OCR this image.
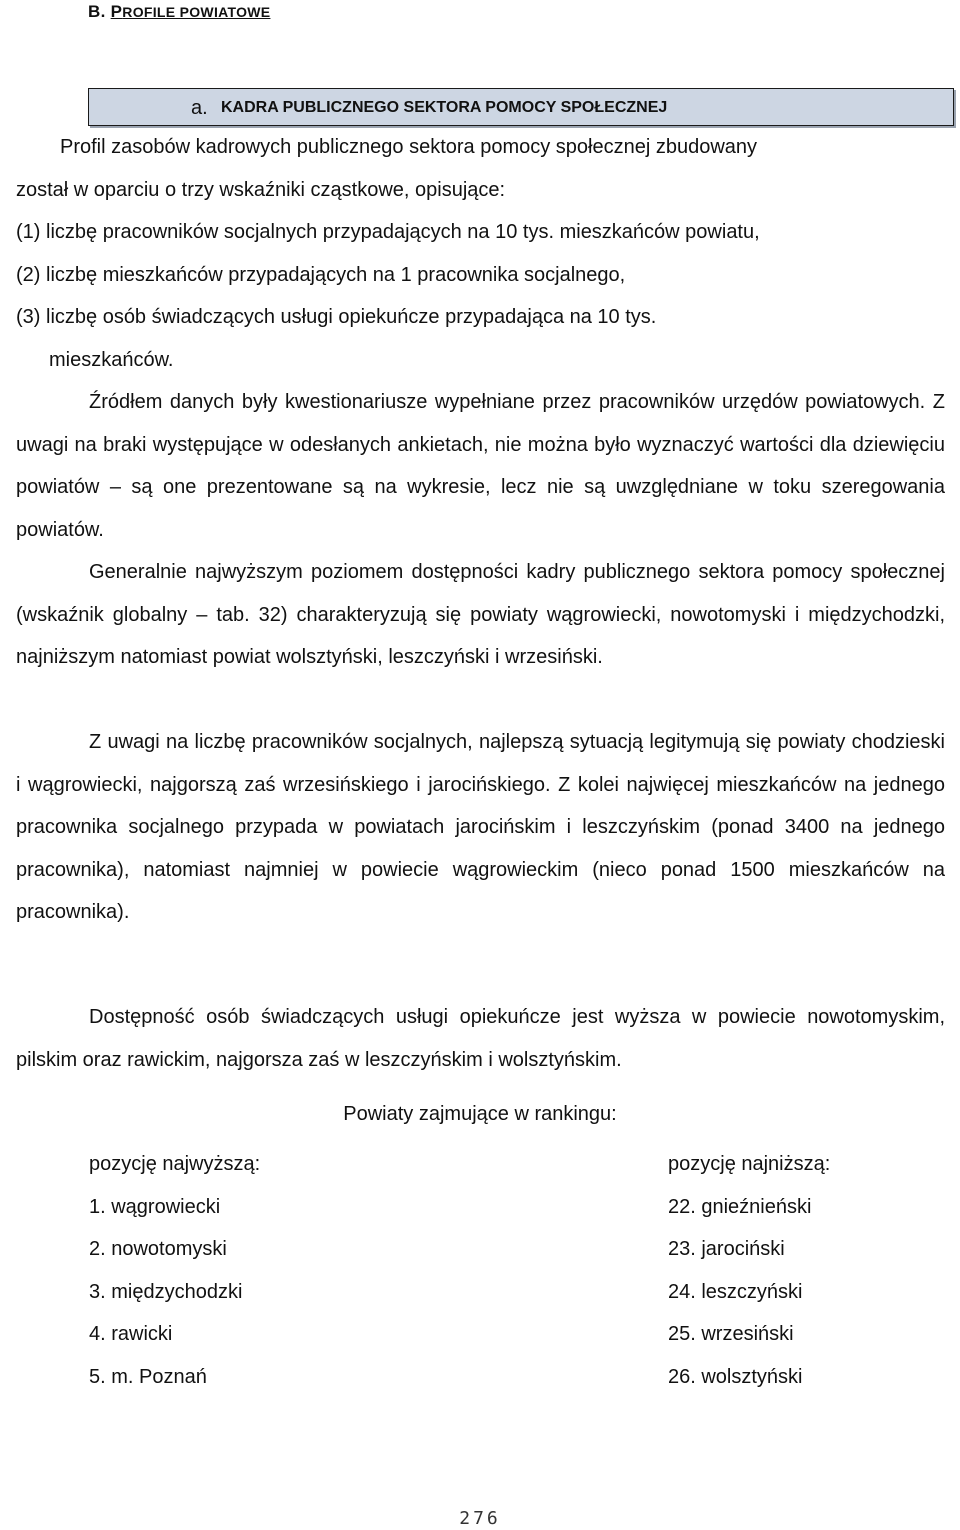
B. PROFILE POWIATOWE
a. KADRA PUBLICZNEGO SEKTORA POMOCY SPOŁECZNEJ
Profil zasobów kadrowych publicznego sektora pomocy społecznej zbudowany
został w oparciu o trzy wskaźniki cząstkowe, opisujące:
(1) liczbę pracowników socjalnych przypadających na 10 tys. mieszkańców powiatu,
(2) liczbę mieszkańców przypadających na 1 pracownika socjalnego,
(3) liczbę osób świadczących usługi opiekuńcze przypadająca na 10 tys.
mieszkańców.

Źródłem danych były kwestionariusze wypełniane przez pracowników urzędów powiatowych. Z uwagi na braki występujące w odesłanych ankietach, nie można było wyznaczyć wartości dla dziewięciu powiatów – są one prezentowane są na wykresie, lecz nie są uwzględniane w toku szeregowania powiatów.

Generalnie najwyższym poziomem dostępności kadry publicznego sektora pomocy społecznej (wskaźnik globalny – tab. 32) charakteryzują się powiaty wągrowiecki, nowotomyski i międzychodzki, najniższym natomiast powiat wolsztyński, leszczyński i wrzesiński.

Z uwagi na liczbę pracowników socjalnych, najlepszą sytuacją legitymują się powiaty chodzieski i wągrowiecki, najgorszą zaś wrzesińskiego i jarocińskiego. Z kolei najwięcej mieszkańców na jednego pracownika socjalnego przypada w powiatach jarocińskim i leszczyńskim (ponad 3400 na jednego pracownika), natomiast najmniej w powiecie wągrowieckim (nieco ponad 1500 mieszkańców na pracownika).

Dostępność osób świadczących usługi opiekuńcze jest wyższa w powiecie nowotomyskim, pilskim oraz rawickim, najgorsza zaś w leszczyńskim i wolsztyńskim.

Powiaty zajmujące w rankingu:
pozycję najwyższą:
1. wągrowiecki
2. nowotomyski
3. międzychodzki
4. rawicki
5. m. Poznań
pozycję najniższą:
22. gnieźnieński
23. jarociński
24. leszczyński
25. wrzesiński
26. wolsztyński
276
